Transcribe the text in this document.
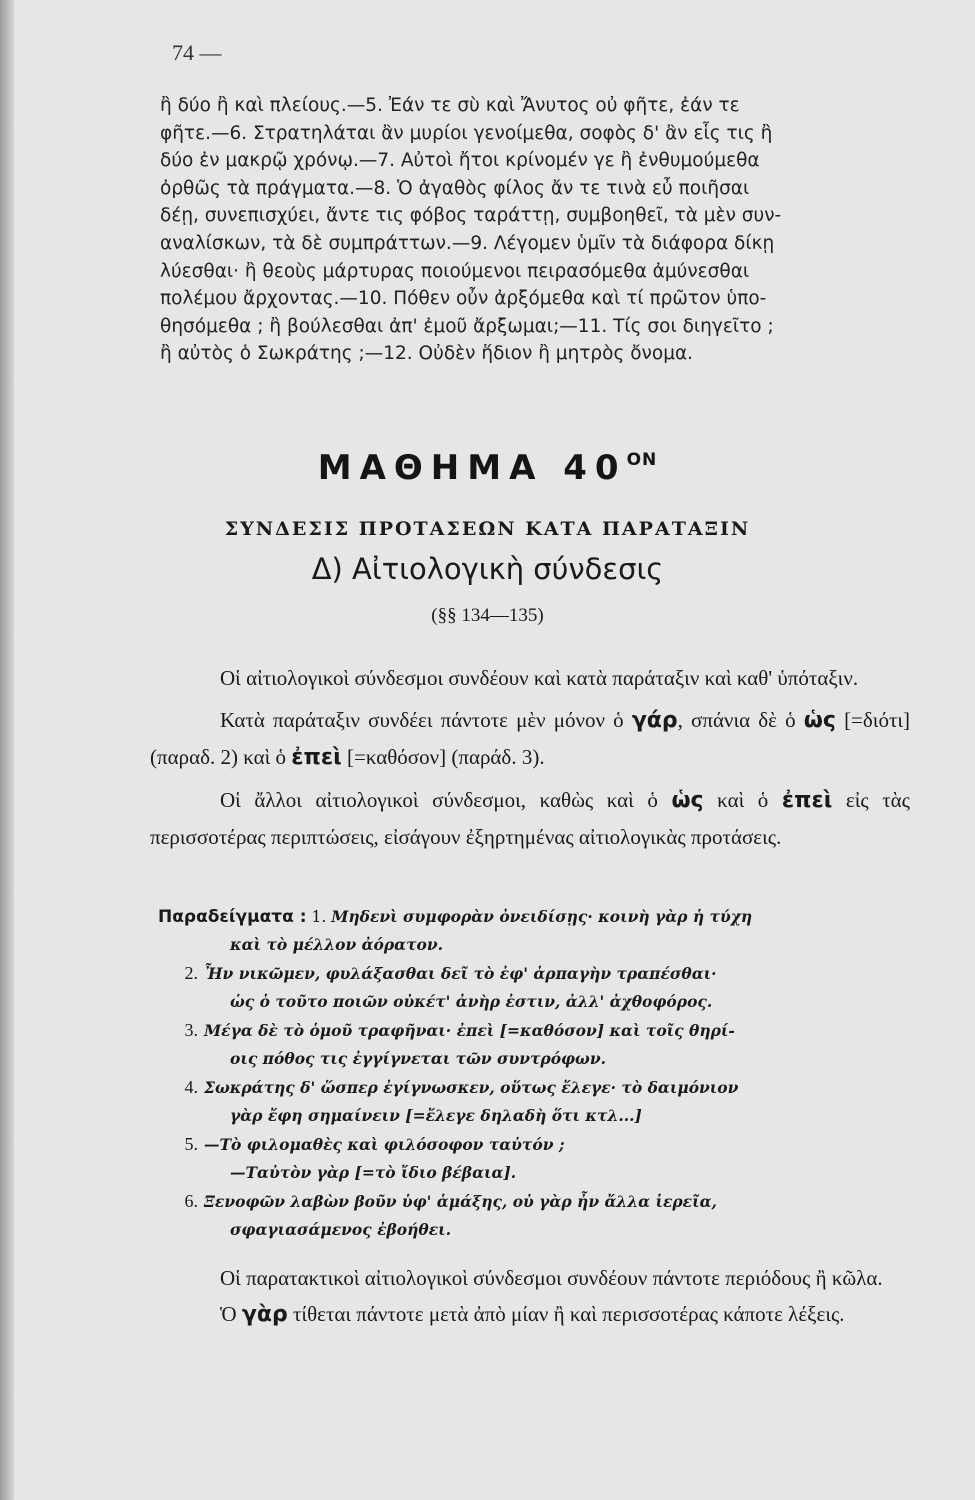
74 —
ἢ δύο ἢ καὶ πλείους.—5. Ἐάν τε σὺ καὶ Ἄνυτος οὐ φῆτε, ἐάν τε
φῆτε.—6. Στρατηλάται ἂν μυρίοι γενοίμεθα, σοφὸς δ' ἂν εἷς τις ἢ
δύο ἐν μακρῷ χρόνῳ.—7. Αὐτοὶ ἤτοι κρίνομέν γε ἢ ἐνθυμούμεθα
ὀρθῶς τὰ πράγματα.—8. Ὁ ἀγαθὸς φίλος ἄν τε τινὰ εὖ ποιῆσαι
δέῃ, συνεπισχύει, ἄντε τις φόβος ταράττῃ, συμβοηθεῖ, τὰ μὲν συν-
αναλίσκων, τὰ δὲ συμπράττων.—9. Λέγομεν ὑμῖν τὰ διάφορα δίκῃ
λύεσθαι· ἢ θεοὺς μάρτυρας ποιούμενοι πειρασόμεθα ἀμύνεσθαι
πολέμου ἄρχοντας.—10. Πόθεν οὖν ἀρξόμεθα καὶ τί πρῶτον ὑπο-
θησόμεθα ; ἢ βούλεσθαι ἀπ' ἐμοῦ ἄρξωμαι;—11. Τίς σοι διηγεῖτο ;
ἢ αὐτὸς ὁ Σωκράτης ;—12. Οὐδὲν ἥδιον ἢ μητρὸς ὄνομα.
ΜΑΘΗΜΑ $40^{ON}$
ΣΥΝΔΕΣΙΣ ΠΡΟΤΑΣΕΩΝ ΚΑΤΑ ΠΑΡΑΤΑΞΙΝ
Δ) Αἰτιολογικὴ σύνδεσις
(§§ 134—135)

Οἱ αἰτιολογικοὶ σύνδεσμοι συνδέουν καὶ κατὰ παράταξιν καὶ καθ' ὑπόταξιν.

Κατὰ παράταξιν συνδέει πάντοτε μὲν μόνον ὁ γάρ, σπάνια δὲ ὁ ὡς [=διότι] (παραδ. 2) καὶ ὁ ἐπεὶ [=καθόσον] (παράδ. 3).

Οἱ ἄλλοι αἰτιολογικοὶ σύνδεσμοι, καθὼς καὶ ὁ ὡς καὶ ὁ ἐπεὶ εἰς τὰς περισσοτέρας περιπτώσεις, εἰσάγουν ἐξηρτημένας αἰτιολογικὰς προτάσεις.

Παραδείγματα : 1. Μηδενὶ συμφορὰν ὀνειδίσῃς· κοινὴ γὰρ ἡ τύχη
καὶ τὸ μέλλον ἀόρατον.
2. Ἦν νικῶμεν, φυλάξασθαι δεῖ τὸ ἐφ' ἁρπαγὴν τραπέσθαι·
ὡς ὁ τοῦτο ποιῶν οὐκέτ' ἀνὴρ ἐστιν, ἀλλ' ἀχθοφόρος.
3. Μέγα δὲ τὸ ὁμοῦ τραφῆναι· ἐπεὶ [=καθόσον] καὶ τοῖς θηρί-
οις πόθος τις ἐγγίγνεται τῶν συντρόφων.
4. Σωκράτης δ' ὥσπερ ἐγίγνωσκεν, οὕτως ἔλεγε· τὸ δαιμόνιον
γὰρ ἔφη σημαίνειν [=ἔλεγε δηλαδὴ ὅτι κτλ...]
5. —Τὸ φιλομαθὲς καὶ φιλόσοφον ταὐτόν ;
—Ταὐτὸν γὰρ [=τὸ ἴδιο βέβαια].
6. Ξενοφῶν λαβὼν βοῦν ὑφ' ἁμάξης, οὐ γὰρ ἦν ἄλλα ἱερεῖα,
σφαγιασάμενος ἐβοήθει.

Οἱ παρατακτικοὶ αἰτιολογικοὶ σύνδεσμοι συνδέουν πάντοτε περιόδους ἢ κῶλα.

Ὁ γὰρ τίθεται πάντοτε μετὰ ἀπὸ μίαν ἢ καὶ περισσοτέρας κάποτε λέξεις.
